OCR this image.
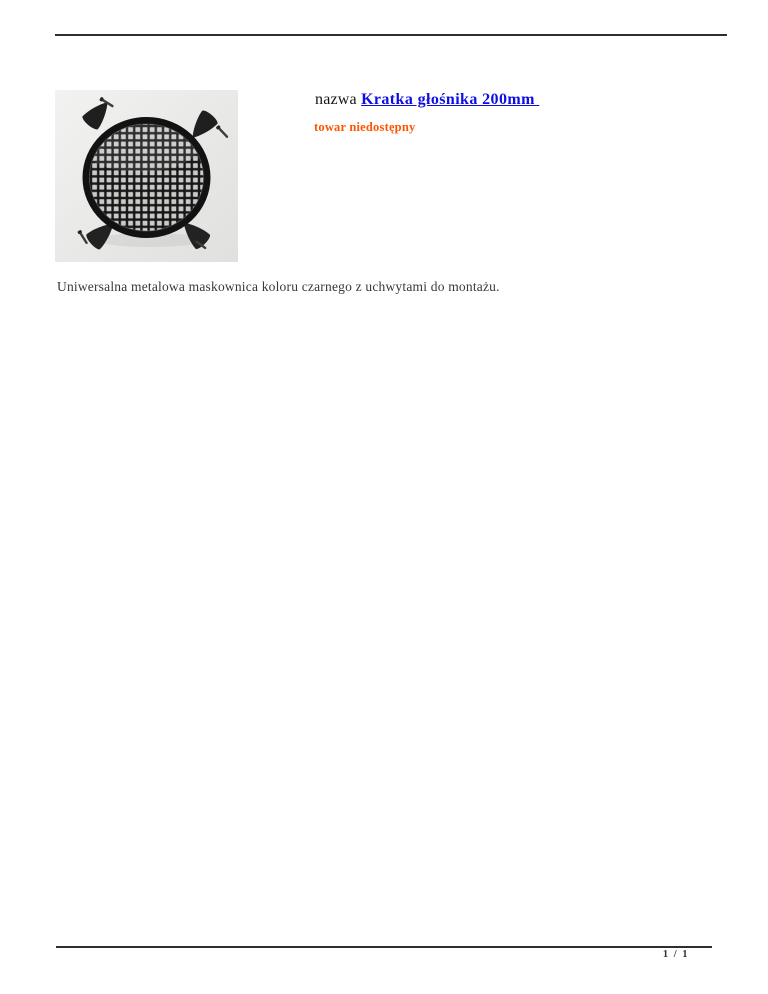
nazwa Kratka głośnika 200mm
towar niedostępny
Uniwersalna metalowa maskownica koloru czarnego z uchwytami do montażu.
1 / 1
